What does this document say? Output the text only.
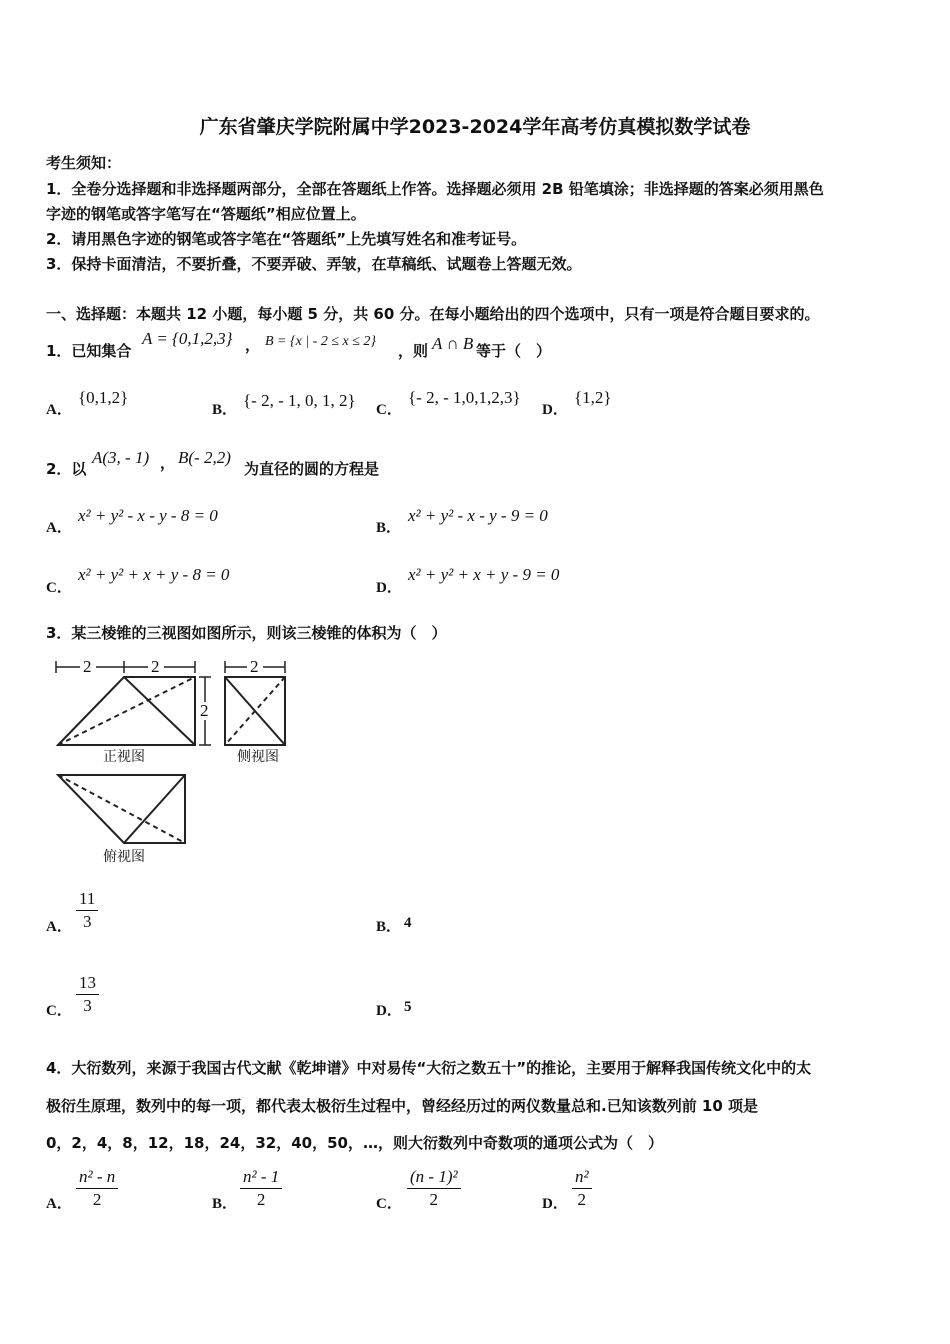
广东省肇庆学院附属中学2023-2024学年高考仿真模拟数学试卷
考生须知：
1．全卷分选择题和非选择题两部分，全部在答题纸上作答。选择题必须用 2B 铅笔填涂；非选择题的答案必须用黑色
字迹的钢笔或答字笔写在“答题纸”相应位置上。
2．请用黑色字迹的钢笔或答字笔在“答题纸”上先填写姓名和准考证号。
3．保持卡面清洁，不要折叠，不要弄破、弄皱，在草稿纸、试题卷上答题无效。
一、选择题：本题共 12 小题，每小题 5 分，共 60 分。在每小题给出的四个选项中，只有一项是符合题目要求的。
1．已知集合
A = {0,1,2,3} ， B = {x | - 2 ≤ x ≤ 2}
，则 A ∩ B 等于（　）
A．
{0,1,2}
B． {- 2, - 1, 0, 1, 2} C．
{- 2, - 1,0,1,2,3}
D．
{1,2}
2．以
A(3, - 1) ， B(- 2,2)
为直径的圆的方程是
A．
x² + y² - x - y - 8 = 0
B．
x² + y² - x - y - 9 = 0
C．
x² + y² + x + y - 8 = 0
D．
x² + y² + x + y - 9 = 0
3．某三棱锥的三视图如图所示，则该三棱锥的体积为（　）
2	2
2
2
正视图	侧视图
俯视图
A． $\frac{11}{3}$	B． 4
C． $\frac{13}{3}$	D． 5
4．大衍数列，来源于我国古代文献《乾坤谱》中对易传“大衍之数五十”的推论，主要用于解释我国传统文化中的太
极衍生原理，数列中的每一项，都代表太极衍生过程中，曾经经历过的两仪数量总和.已知该数列前 10 项是
0，2，4，8，12，18，24，32，40，50，…，则大衍数列中奇数项的通项公式为（　）
A． $\frac{\text{n² - n}}{2}$	B． $\frac{\text{n² - 1}}{2}$	C． $\frac{\text{(n - 1)²}}{2}$	D． $\frac{\text{n²}}{2}$
